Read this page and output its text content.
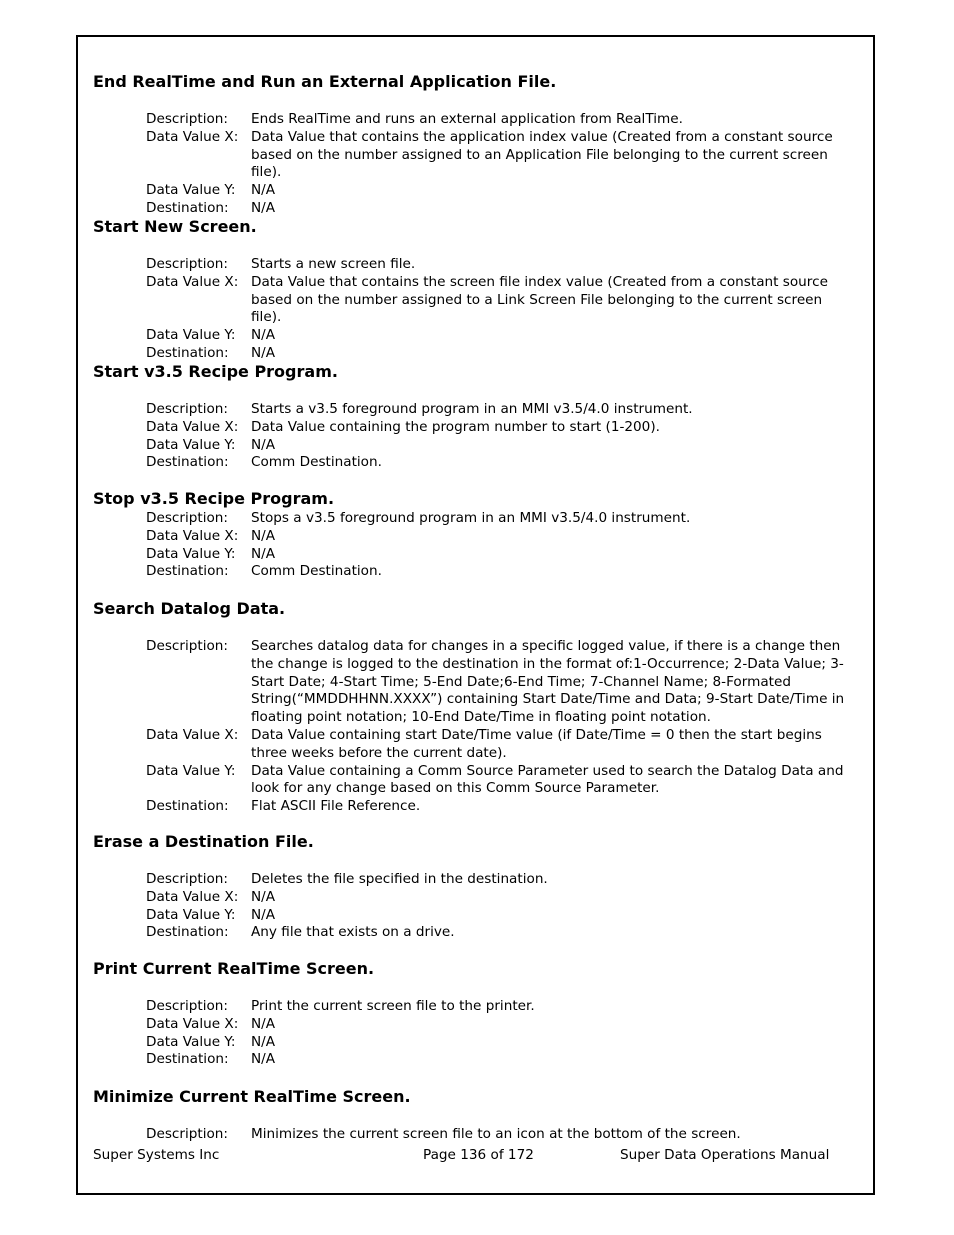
End RealTime and Run an External Application File.
Description:	Ends RealTime and runs an external application from RealTime.
Data Value X: Data Value that contains the application index value (Created from a constant source based on the number assigned to an Application File belonging to the current screen file).
Data Value Y:	N/A
Destination:	N/A
Start New Screen.
Description:	Starts a new screen file.
Data Value X: Data Value that contains the screen file index value (Created from a constant source based on the number assigned to a Link Screen File belonging to the current screen file).
Data Value Y:	N/A
Destination:	N/A
Start v3.5 Recipe Program.
Description:	Starts a v3.5 foreground program in an MMI v3.5/4.0 instrument.
Data Value X: Data Value containing the program number to start (1-200).
Data Value Y:	N/A
Destination:	Comm Destination.
Stop v3.5 Recipe Program.
Description:	Stops a v3.5 foreground program in an MMI v3.5/4.0 instrument.
Data Value X: N/A
Data Value Y:	N/A
Destination:	Comm Destination.
Search Datalog Data.
Description:	Searches datalog data for changes in a specific logged value, if there is a change then the change is logged to the destination in the format of:1-Occurrence; 2-Data Value; 3-Start Date; 4-Start Time; 5-End Date;6-End Time; 7-Channel Name; 8-Formated String(“MMDDHHNN.XXXX”) containing Start Date/Time and Data; 9-Start Date/Time in floating point notation; 10-End Date/Time in floating point notation.
Data Value X: Data Value containing start Date/Time value (if Date/Time = 0 then the start begins three weeks before the current date).
Data Value Y:	Data Value containing a Comm Source Parameter used to search the Datalog Data and look for any change based on this Comm Source Parameter.
Destination:	Flat ASCII File Reference.
Erase a Destination File.
Description:	Deletes the file specified in the destination.
Data Value X: N/A
Data Value Y:	N/A
Destination:	Any file that exists on a drive.
Print Current RealTime Screen.
Description:	Print the current screen file to the printer.
Data Value X: N/A
Data Value Y:	N/A
Destination:	N/A
Minimize Current RealTime Screen.
Description:	Minimizes the current screen file to an icon at the bottom of the screen.
Super Systems Inc	Page 136 of 172	Super Data Operations Manual
